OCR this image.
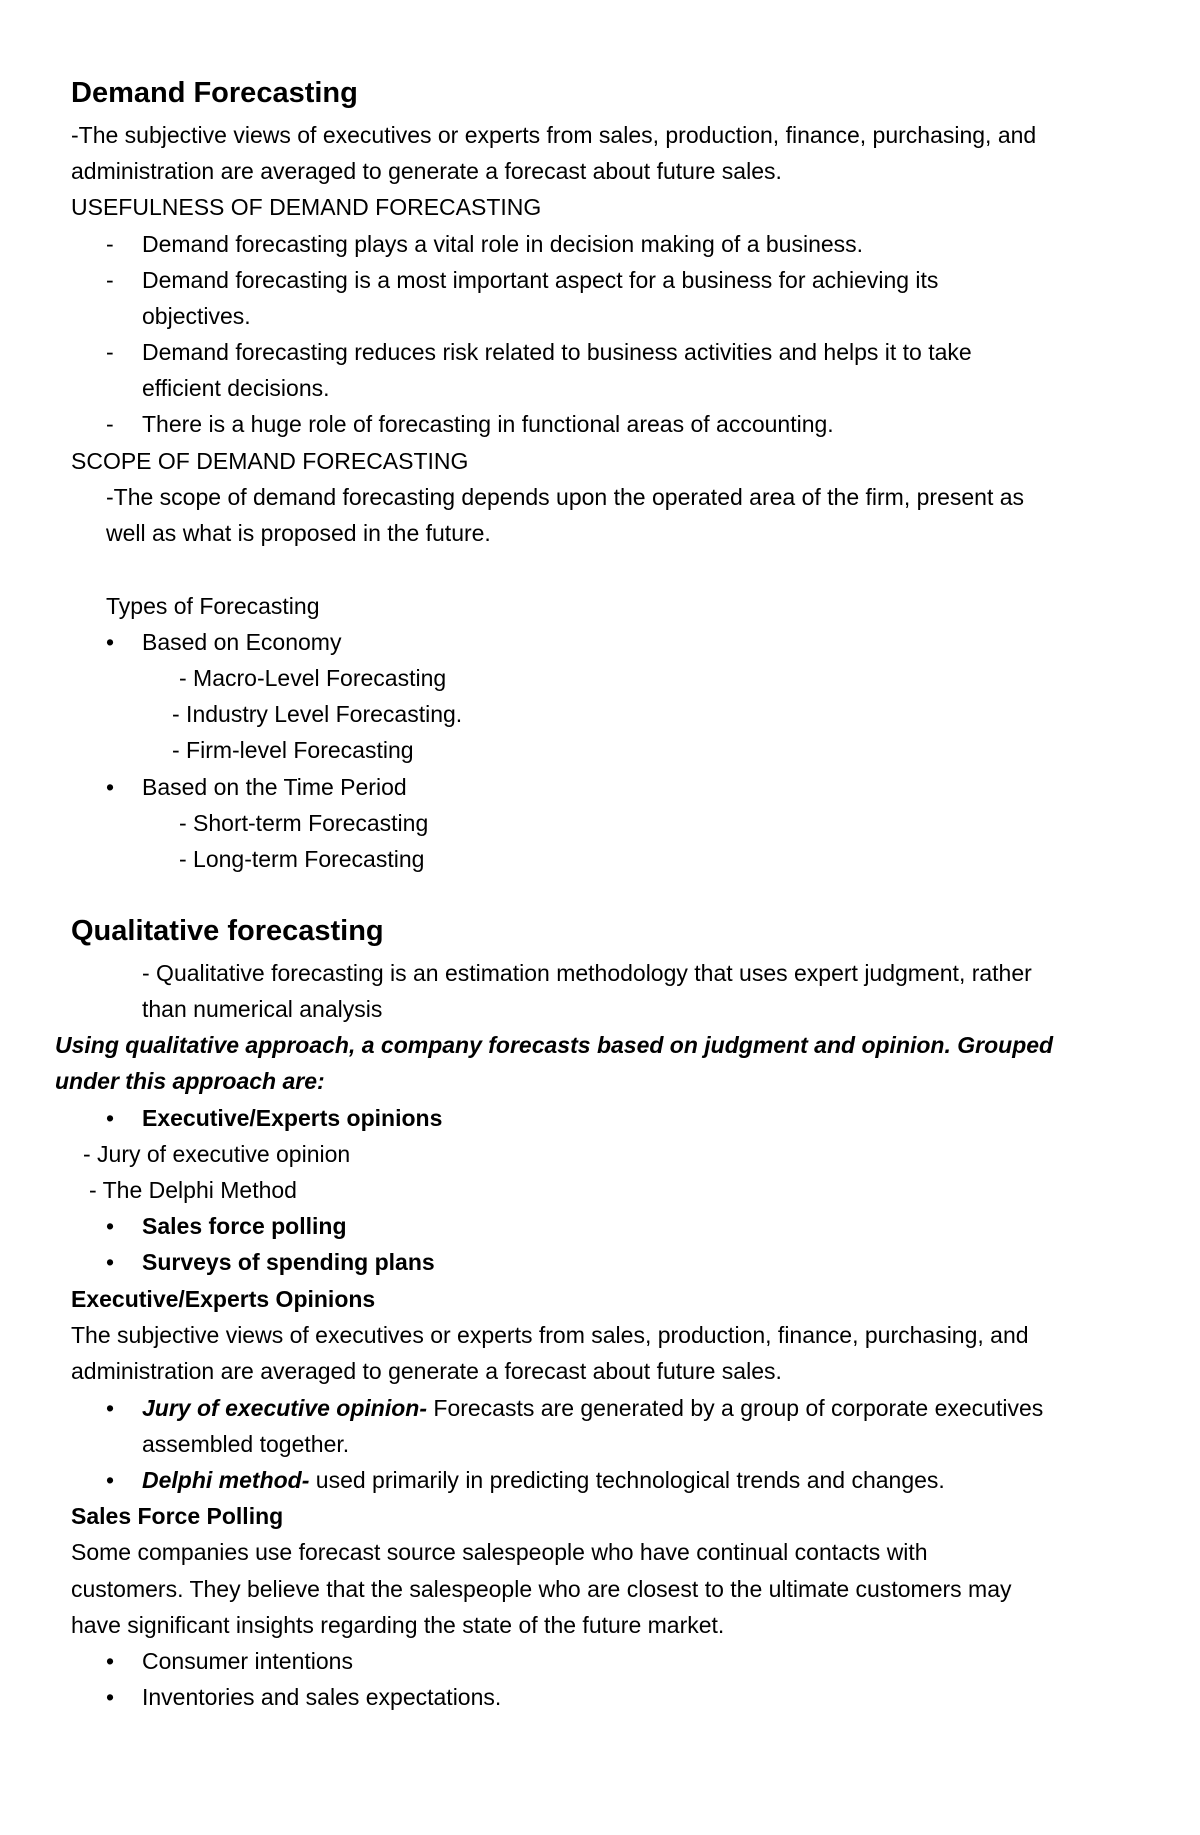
Demand Forecasting
-The subjective views of executives or experts from sales, production, finance, purchasing, and
administration are averaged to generate a forecast about future sales.
USEFULNESS OF DEMAND FORECASTING
- Demand forecasting plays a vital role in decision making of a business.
- Demand forecasting is a most important aspect for a business for achieving its
objectives.
- Demand forecasting reduces risk related to business activities and helps it to take
efficient decisions.
- There is a huge role of forecasting in functional areas of accounting.
SCOPE OF DEMAND FORECASTING
-The scope of demand forecasting depends upon the operated area of the firm, present as
well as what is proposed in the future.
Types of Forecasting
• Based on Economy
- Macro-Level Forecasting
- Industry Level Forecasting.
- Firm-level Forecasting
• Based on the Time Period
- Short-term Forecasting
- Long-term Forecasting
Qualitative forecasting
- Qualitative forecasting is an estimation methodology that uses expert judgment, rather
than numerical analysis
Using qualitative approach, a company forecasts based on judgment and opinion. Grouped
under this approach are:
• Executive/Experts opinions
- Jury of executive opinion
- The Delphi Method
• Sales force polling
• Surveys of spending plans
Executive/Experts Opinions
The subjective views of executives or experts from sales, production, finance, purchasing, and
administration are averaged to generate a forecast about future sales.
• Jury of executive opinion- Forecasts are generated by a group of corporate executives
assembled together.
• Delphi method- used primarily in predicting technological trends and changes.
Sales Force Polling
Some companies use forecast source salespeople who have continual contacts with
customers. They believe that the salespeople who are closest to the ultimate customers may
have significant insights regarding the state of the future market.
• Consumer intentions
• Inventories and sales expectations.
